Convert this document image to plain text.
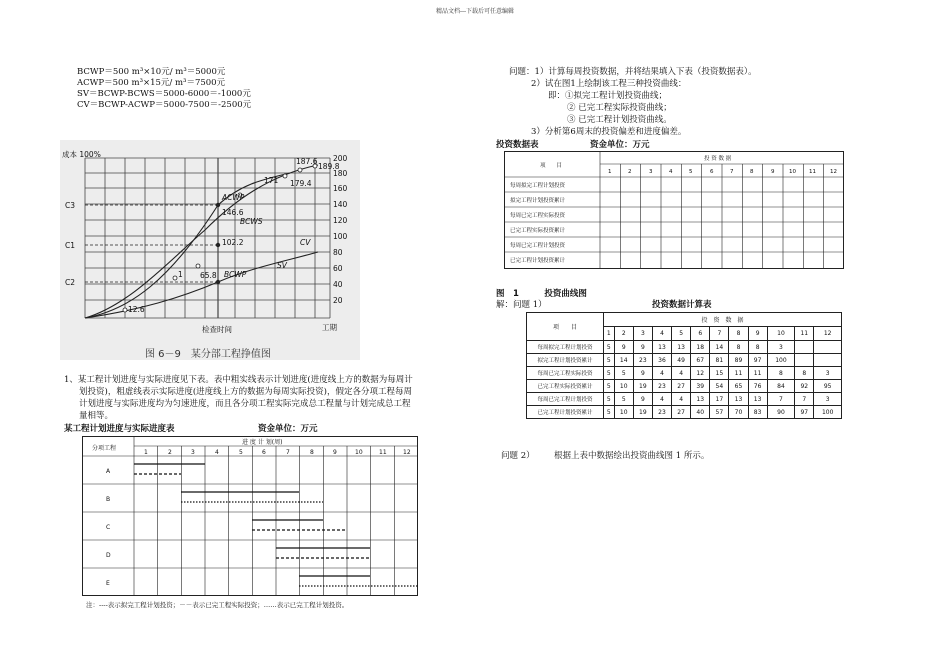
精品文档---下载后可任意编辑
BCWP＝500 m³×10元/ m³＝5000元
ACWP＝500 m³×15元/ m³＝7500元
SV＝BCWP-BCWS＝5000-6000＝-1000元
CV＝BCWP-ACWP＝5000-7500＝-2500元
成本 100%
C3
C1
C2
200
180
160
140
120
100
80
60
40
20
工期
检查时间
ACWP
BCWS
BCWP
CV
SV
187.6
189.8
171 179.4
146.6
102.2
65.8
12.6
1
图 6－9　某分部工程挣值图
1、某工程计划进度与实际进度见下表。表中粗实线表示计划进度(进度线上方的数据为每周计
划投资)，粗虚线表示实际进度(进度线上方的数据为每周实际投资)，假定各分项工程每周
计划进度与实际进度均为匀速进度，而且各分项工程实际完成总工程量与计划完成总工程
量相等。
某工程计划进度与实际进度表	资金单位：万元
分项工程
进 度 计 划(周)
1	2	3	4	5	6	7	8	9	10	11	12
A
B
C
D
E
注：----表示拟完工程计划投资；－－表示已完工程实际投资；……表示已完工程计划投资。
问题：1）计算每周投资数据，并将结果填入下表（投资数据表）。
2）试在图1上绘制该工程三种投资曲线：
即：①拟完工程计划投资曲线；
② 已完工程实际投资曲线；
③ 已完工程计划投资曲线。
3）分析第6周末的投资偏差和进度偏差。
投资数据表	资金单位：万元
项　　目
投 资 数 据
1	2	3	4	5	6	7	8	9	10 11	12
每周拟完工程计划投资
拟完工程计划投资累计
每周已完工程实际投资
已完工程实际投资累计
每周已完工程计划投资
已完工程计划投资累计
图　1　　　投资曲线图
解：问题 1）	投资数据计算表
项　　目	投　资　数　据											
	1	2	3	4	5	6	7	8	9	10	11	12
每周拟完工程计划投资	5	9	9	13	13	18	14	8	8	3		
拟完工程计划投资累计	5	14	23	36	49	67	81	89	97	100		
每周已完工程实际投资	5	5	9	4	4	12	15	11	11	8	8	3
已完工程实际投资累计	5	10	19	23	27	39	54	65	76	84	92	95
每周已完工程计划投资	5	5	9	4	4	13	17	13	13	7	7	3
已完工程计划投资累计	5	10	19	23	27	40	57	70	83	90	97	100
问题 2） 根据上表中数据绘出投资曲线图 1 所示。
